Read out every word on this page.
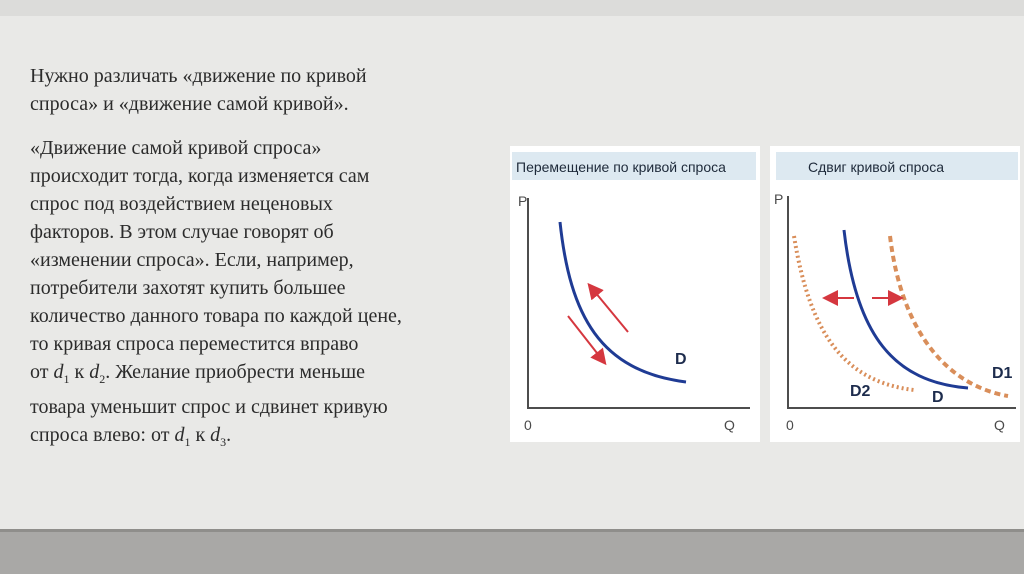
Нужно различать «движение по кривой
спроса» и «движение самой кривой».

«Движение самой кривой спроса»
происходит тогда, когда изменяется сам
спрос под воздействием неценовых
факторов. В этом случае говорят об
«изменении спроса». Если, например,
потребители захотят купить большее
количество данного товара по каждой цене,
то кривая спроса переместится вправо
от $d_1$ к $d_2$. Желание приобрести меньше
товара уменьшит спрос и сдвинет кривую
спроса влево: от $d_1$ к $d_3$.

Перемещение по кривой спроса
P
0	Q
D
Сдвиг кривой спроса
P
0	Q
D2	D
D1
